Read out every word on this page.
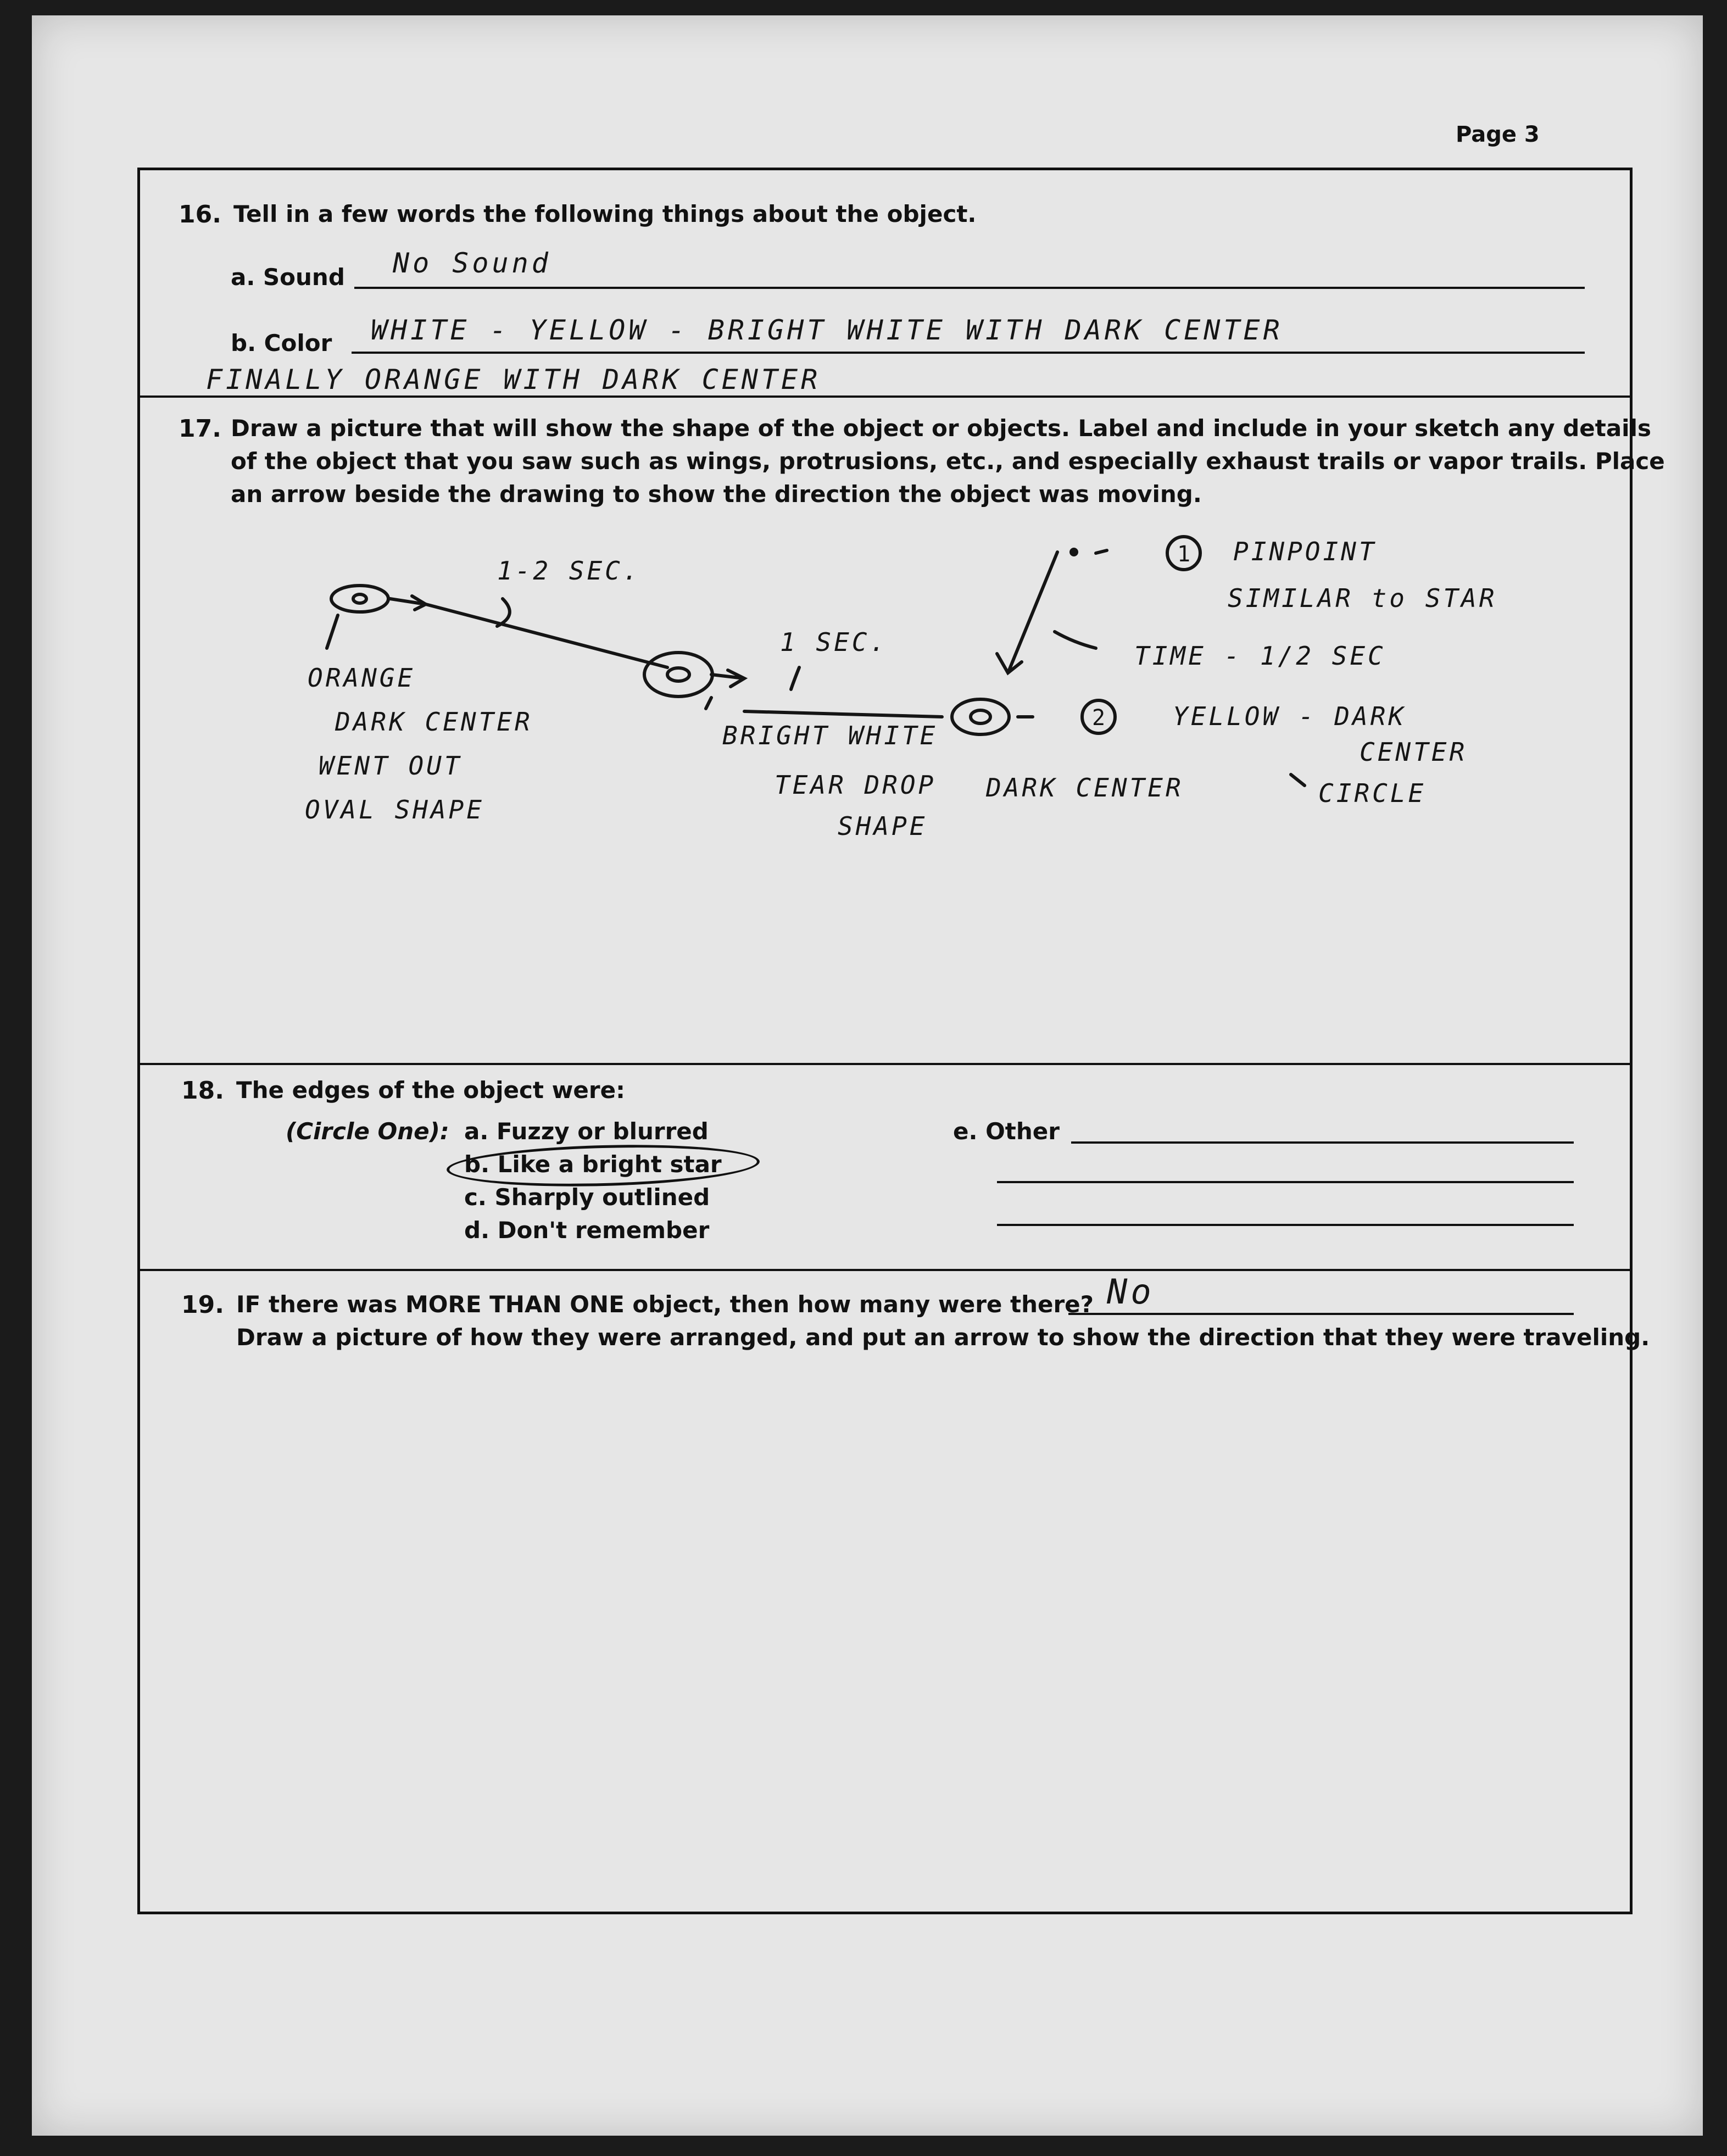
Page 3
16. Tell in a few words the following things about the object.
a. Sound No Sound
b. Color WHITE - YELLOW - BRIGHT WHITE WITH DARK CENTER
FINALLY ORANGE WITH DARK CENTER
17. Draw a picture that will show the shape of the object or objects. Label and include in your sketch any details
of the object that you saw such as wings, protrusions, etc., and especially exhaust trails or vapor trails. Place
an arrow beside the drawing to show the direction the object was moving.
1-2 SEC.
1 SEC.
1 PINPOINT
SIMILAR to STAR
TIME - 1/2 SEC
2	YELLOW - DARK
CENTER
CIRCLE
ORANGE
DARK CENTER
WENT OUT
OVAL SHAPE
BRIGHT WHITE
TEAR DROP
SHAPE
DARK CENTER
18. The edges of the object were:
(Circle One): a. Fuzzy or blurred
b. Like a bright star
c. Sharply outlined
d. Don't remember
e. Other
19. IF there was MORE THAN ONE object, then how many were there? No
Draw a picture of how they were arranged, and put an arrow to show the direction that they were traveling.
